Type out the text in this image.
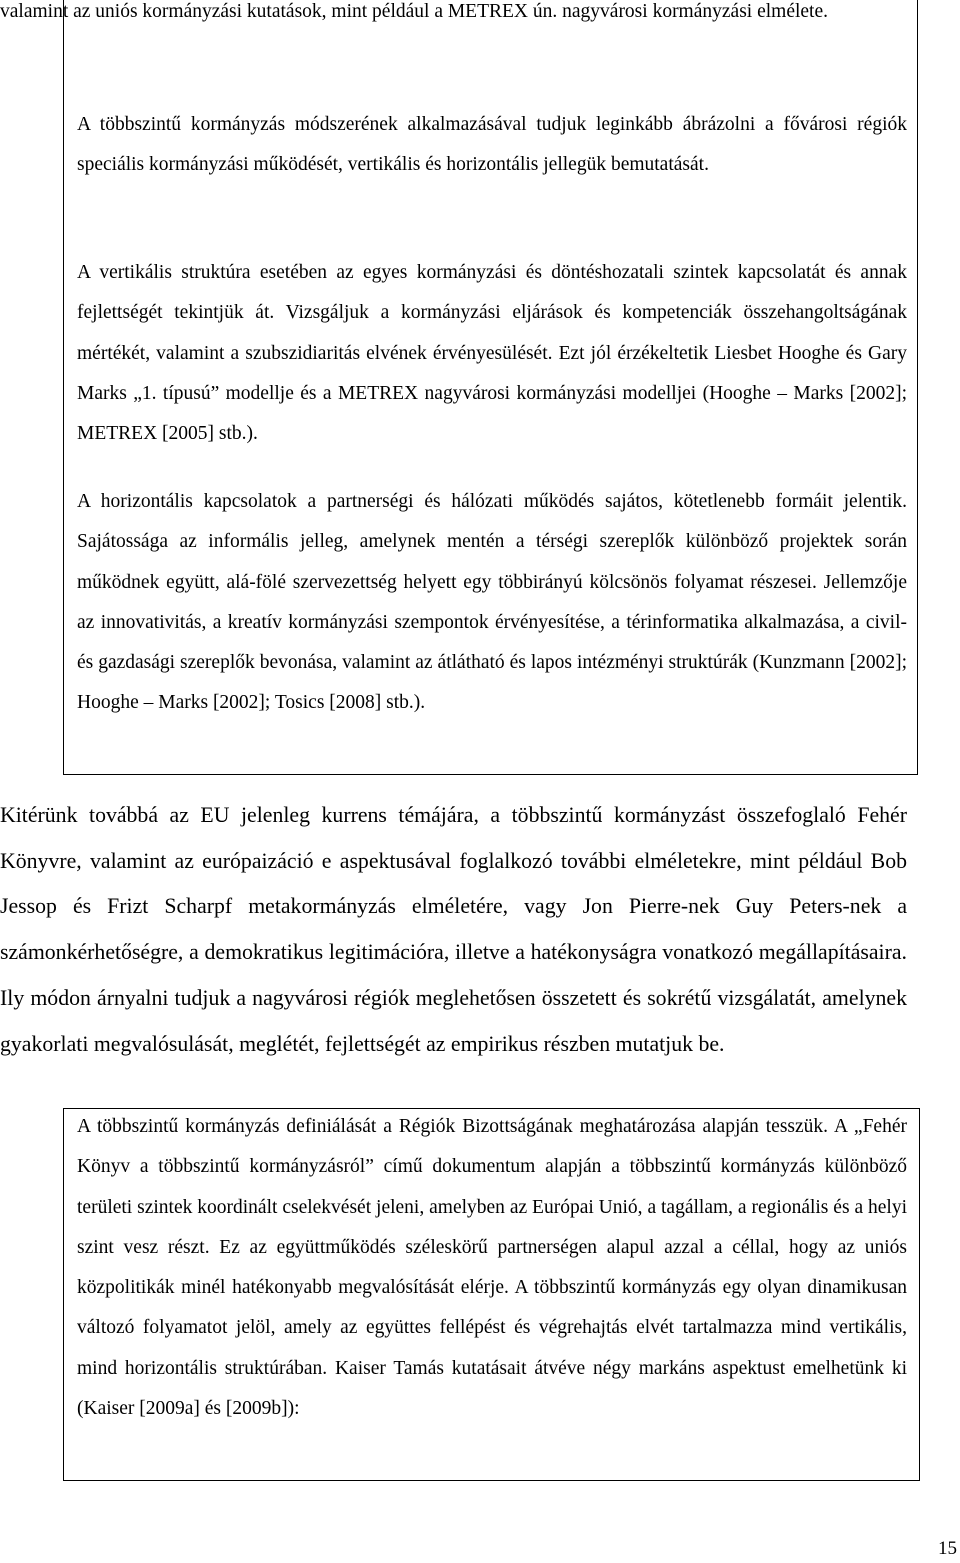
valamint az uniós kormányzási kutatások, mint például a METREX ún. nagyvárosi kormányzási elmélete.

A többszintű kormányzás módszerének alkalmazásával tudjuk leginkább ábrázolni a fővárosi régiók speciális kormányzási működését, vertikális és horizontális jellegük bemutatását.

A vertikális struktúra esetében az egyes kormányzási és döntéshozatali szintek kapcsolatát és annak fejlettségét tekintjük át. Vizsgáljuk a kormányzási eljárások és kompetenciák összehangoltságának mértékét, valamint a szubszidiaritás elvének érvényesülését. Ezt jól érzékeltetik Liesbet Hooghe és Gary Marks „1. típusú” modellje és a METREX nagyvárosi kormányzási modelljei (Hooghe – Marks [2002]; METREX [2005] stb.).

A horizontális kapcsolatok a partnerségi és hálózati működés sajátos, kötetlenebb formáit jelentik. Sajátossága az informális jelleg, amelynek mentén a térségi szereplők különböző projektek során működnek együtt, alá-fölé szervezettség helyett egy többirányú kölcsönös folyamat részesei. Jellemzője az innovativitás, a kreatív kormányzási szempontok érvényesítése, a térinformatika alkalmazása, a civil- és gazdasági szereplők bevonása, valamint az átlátható és lapos intézményi struktúrák (Kunzmann [2002]; Hooghe – Marks [2002]; Tosics [2008] stb.).

Kitérünk továbbá az EU jelenleg kurrens témájára, a többszintű kormányzást összefoglaló Fehér Könyvre, valamint az európaizáció e aspektusával foglalkozó további elméletekre, mint például Bob Jessop és Frizt Scharpf metakormányzás elméletére, vagy Jon Pierre-nek Guy Peters-nek a számonkérhetőségre, a demokratikus legitimációra, illetve a hatékonyságra vonatkozó megállapításaira. Ily módon árnyalni tudjuk a nagyvárosi régiók meglehetősen összetett és sokrétű vizsgálatát, amelynek gyakorlati megvalósulását, meglétét, fejlettségét az empirikus részben mutatjuk be.

A többszintű kormányzás definiálását a Régiók Bizottságának meghatározása alapján tesszük. A „Fehér Könyv a többszintű kormányzásról” című dokumentum alapján a többszintű kormányzás különböző területi szintek koordinált cselekvését jeleni, amelyben az Európai Unió, a tagállam, a regionális és a helyi szint vesz részt. Ez az együttműködés széleskörű partnerségen alapul azzal a céllal, hogy az uniós közpolitikák minél hatékonyabb megvalósítását elérje. A többszintű kormányzás egy olyan dinamikusan változó folyamatot jelöl, amely az együttes fellépést és végrehajtás elvét tartalmazza mind vertikális, mind horizontális struktúrában. Kaiser Tamás kutatásait átvéve négy markáns aspektust emelhetünk ki (Kaiser [2009a] és [2009b]):

15
